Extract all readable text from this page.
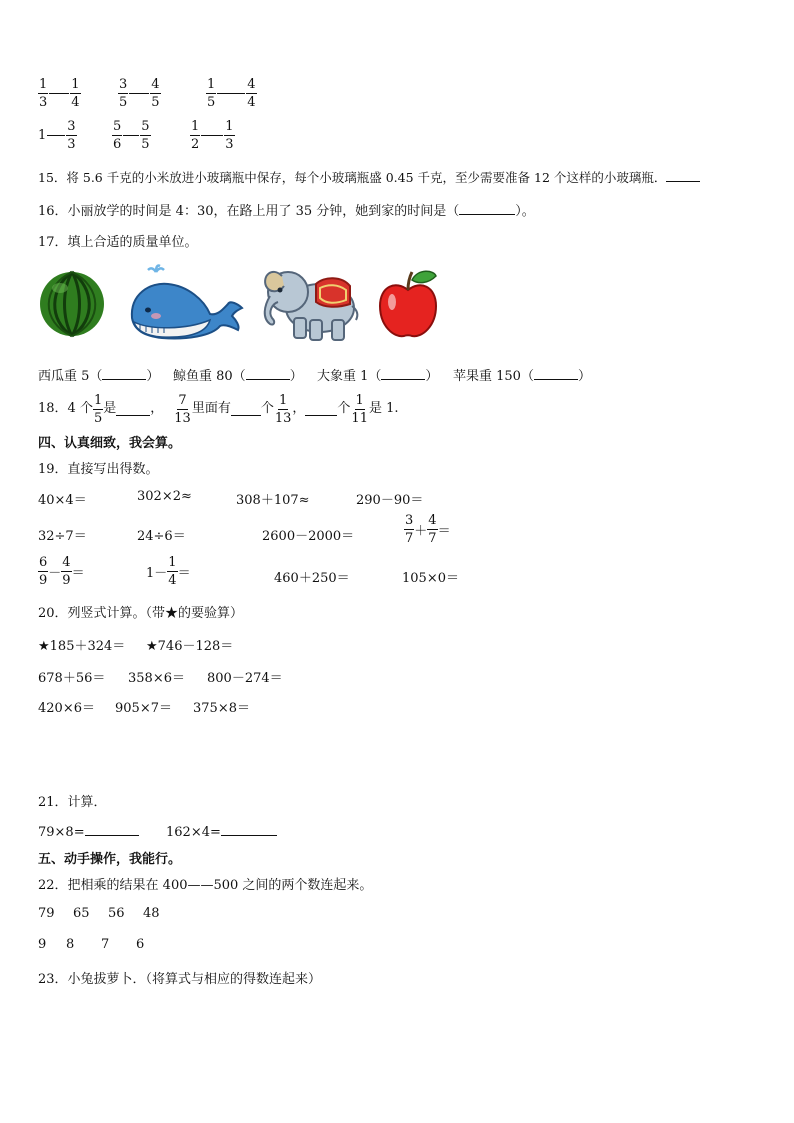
$\frac{1}{3} \frac{1}{4}$	$\frac{3}{5} \frac{4}{5}$	$\frac{1}{5} \frac{4}{4}$
$1 \frac{3}{3}$	$\frac{5}{6} \frac{5}{5}$	$\frac{1}{2} \frac{1}{3}$
15．将 5.6 千克的小米放进小玻璃瓶中保存，每个小玻璃瓶盛 0.45 千克，至少需要准备 12 个这样的小玻璃瓶．
16．小丽放学的时间是 4：30，在路上用了 35 分钟，她到家的时间是（	）。
17．填上合适的质量单位。
西瓜重 5（	） 鲸鱼重 80（	） 大象重 1（	） 苹果重 150（	）
18．4 个 $\frac{1}{5}$ 是	， $\frac{7}{13}$ 里面有 个 $\frac{1}{13}$ ， 个 $\frac{1}{11}$ 是 1.
四、认真细致，我会算。
19．直接写出得数。
40×4＝	302×2≈	308＋107≈	290－90＝
32÷7＝	24÷6＝	2600－2000＝	$\frac{3}{7} + \frac{4}{7}$ ＝
$\frac{6}{9} - \frac{4}{9}$ ＝	$1- \frac{1}{4}$ ＝	460＋250＝	105×0＝
20．列竖式计算。（带★的要验算）
★185＋324＝ ★746－128＝
678＋56＝ 358×6＝ 800－274＝
420×6＝ 905×7＝ 375×8＝
21．计算．
79×8=	162×4=
五、动手操作，我能行。
22．把相乘的结果在 400——500 之间的两个数连起来。
79 65 56 48
9 8 7 6
23．小兔拔萝卜．（将算式与相应的得数连起来）
